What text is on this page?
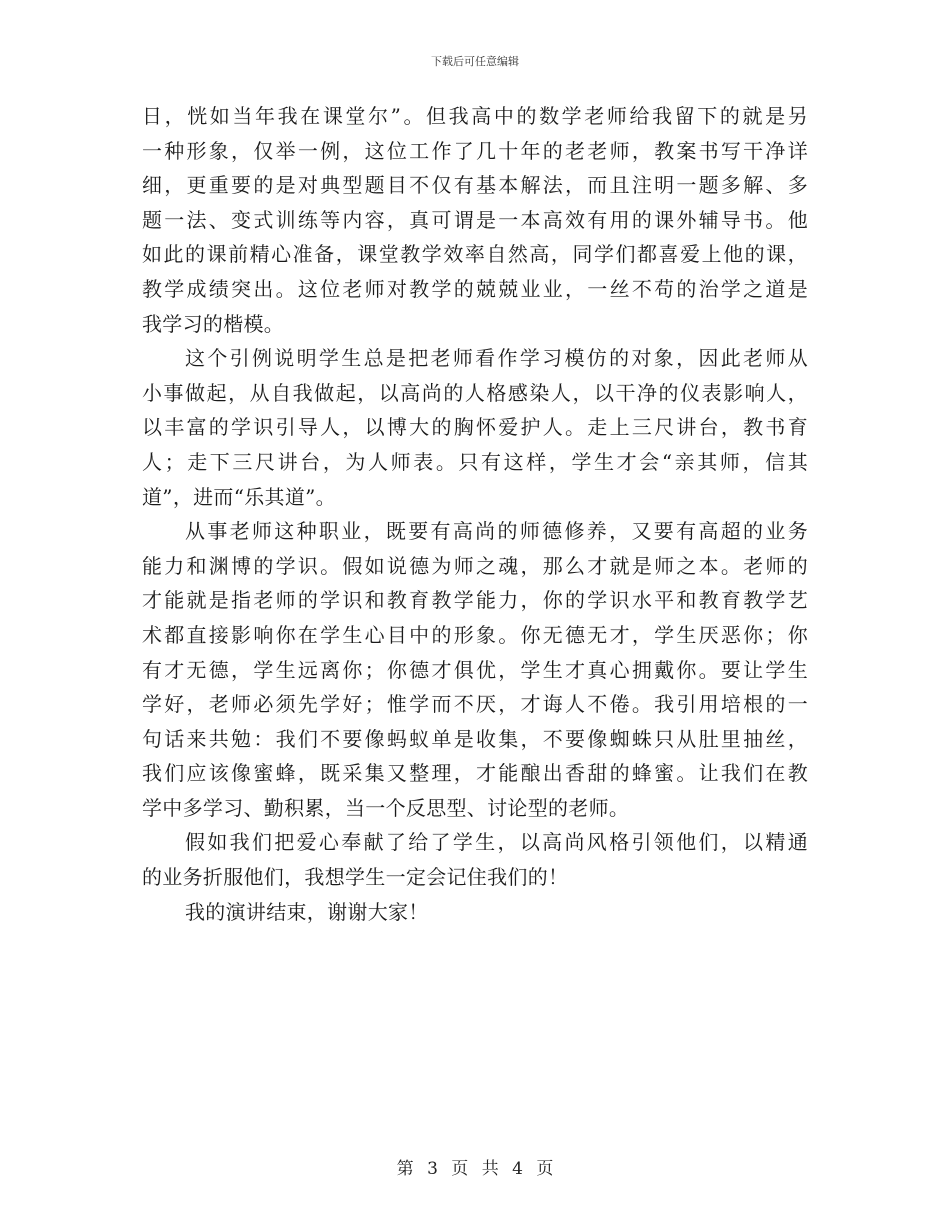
下载后可任意编辑
日，恍如当年我在课堂尔”。但我高中的数学老师给我留下的就是另
一种形象，仅举一例，这位工作了几十年的老老师，教案书写干净详
细，更重要的是对典型题目不仅有基本解法，而且注明一题多解、多
题一法、变式训练等内容，真可谓是一本高效有用的课外辅导书。他
如此的课前精心准备，课堂教学效率自然高，同学们都喜爱上他的课，
教学成绩突出。这位老师对教学的兢兢业业，一丝不苟的治学之道是
我学习的楷模。
这个引例说明学生总是把老师看作学习模仿的对象，因此老师从
小事做起，从自我做起，以高尚的人格感染人，以干净的仪表影响人，
以丰富的学识引导人，以博大的胸怀爱护人。走上三尺讲台，教书育
人；走下三尺讲台，为人师表。只有这样，学生才会“亲其师，信其
道”，进而“乐其道”。
从事老师这种职业，既要有高尚的师德修养，又要有高超的业务
能力和渊博的学识。假如说德为师之魂，那么才就是师之本。老师的
才能就是指老师的学识和教育教学能力，你的学识水平和教育教学艺
术都直接影响你在学生心目中的形象。你无德无才，学生厌恶你；你
有才无德，学生远离你；你德才俱优，学生才真心拥戴你。要让学生
学好，老师必须先学好；惟学而不厌，才诲人不倦。我引用培根的一
句话来共勉：我们不要像蚂蚁单是收集，不要像蜘蛛只从肚里抽丝，
我们应该像蜜蜂，既采集又整理，才能酿出香甜的蜂蜜。让我们在教
学中多学习、勤积累，当一个反思型、讨论型的老师。
假如我们把爱心奉献了给了学生，以高尚风格引领他们，以精通
的业务折服他们，我想学生一定会记住我们的！
我的演讲结束，谢谢大家！
第 3 页 共 4 页
